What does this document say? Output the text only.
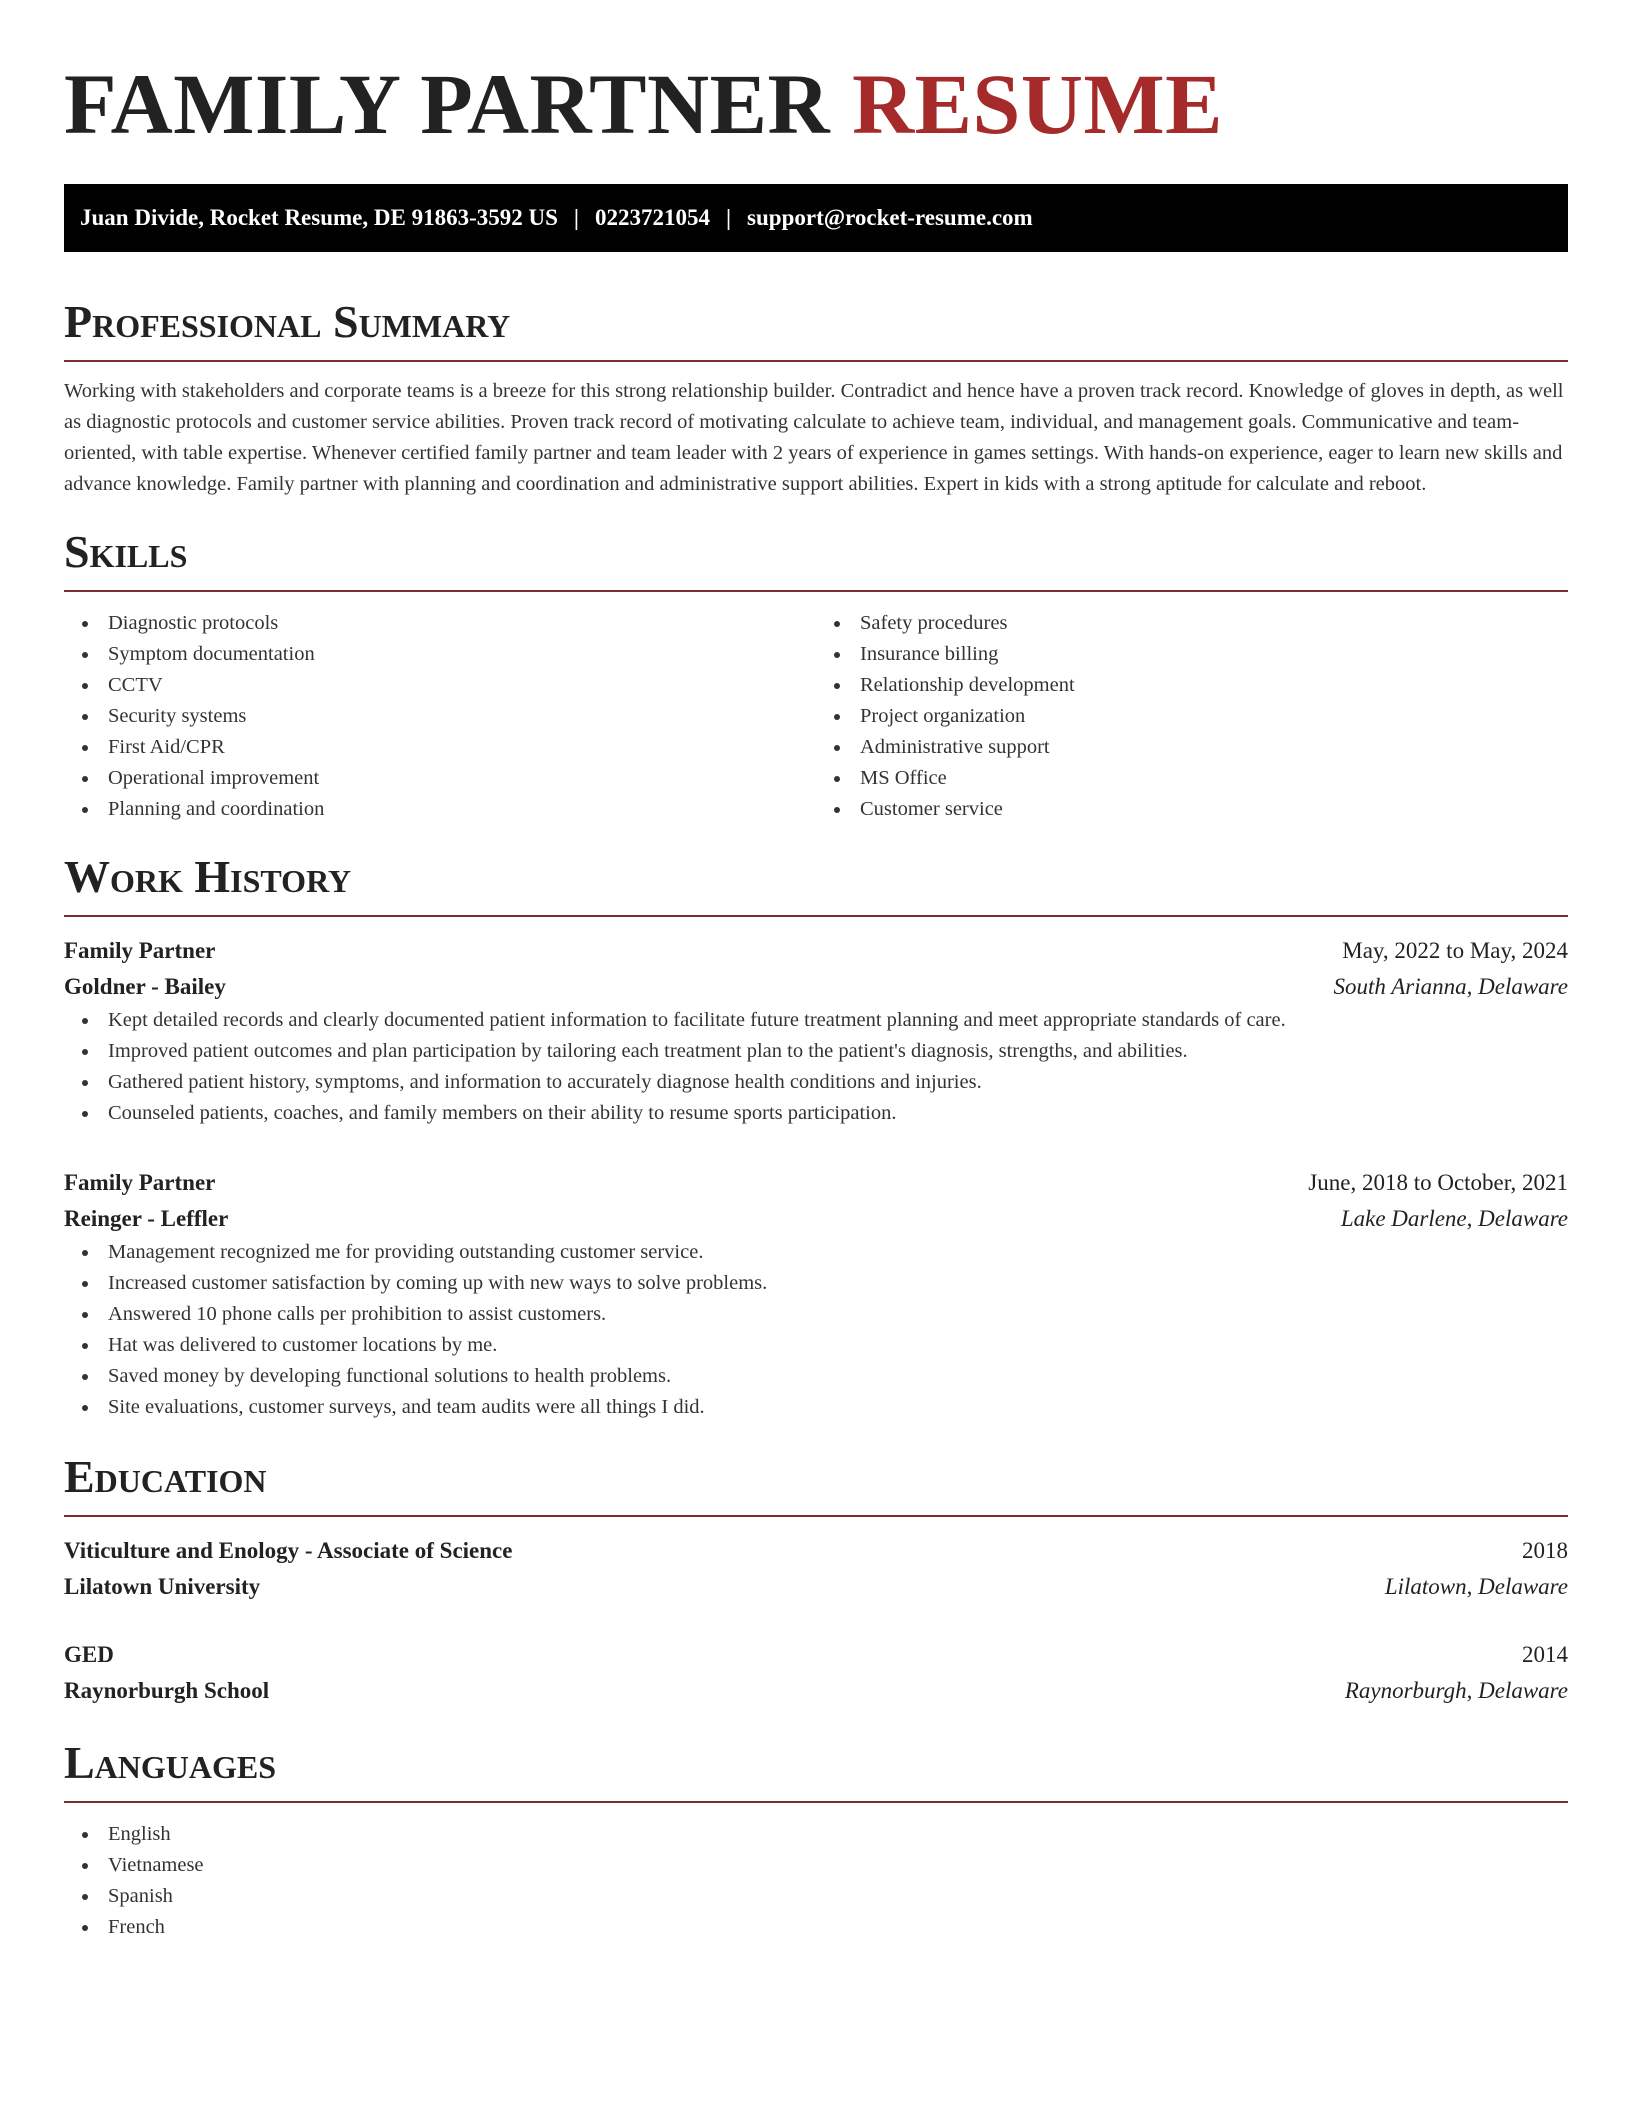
FAMILY PARTNER RESUME
Juan Divide, Rocket Resume, DE 91863-3592 US | 0223721054 | support@rocket-resume.com
Professional Summary

Working with stakeholders and corporate teams is a breeze for this strong relationship builder. Contradict and hence have a proven track record. Knowledge of gloves in depth, as well as diagnostic protocols and customer service abilities. Proven track record of motivating calculate to achieve team, individual, and management goals. Communicative and team-oriented, with table expertise. Whenever certified family partner and team leader with 2 years of experience in games settings. With hands-on experience, eager to learn new skills and advance knowledge. Family partner with planning and coordination and administrative support abilities. Expert in kids with a strong aptitude for calculate and reboot.

Skills
Diagnostic protocols
Symptom documentation
CCTV
Security systems
First Aid/CPR
Operational improvement
Planning and coordination
Safety procedures
Insurance billing
Relationship development
Project organization
Administrative support
MS Office
Customer service
Work History
Family Partner	May, 2022 to May, 2024
Goldner - Bailey	South Arianna, Delaware
Kept detailed records and clearly documented patient information to facilitate future treatment planning and meet appropriate standards of care.
Improved patient outcomes and plan participation by tailoring each treatment plan to the patient's diagnosis, strengths, and abilities.
Gathered patient history, symptoms, and information to accurately diagnose health conditions and injuries.
Counseled patients, coaches, and family members on their ability to resume sports participation.
Family Partner	June, 2018 to October, 2021
Reinger - Leffler	Lake Darlene, Delaware
Management recognized me for providing outstanding customer service.
Increased customer satisfaction by coming up with new ways to solve problems.
Answered 10 phone calls per prohibition to assist customers.
Hat was delivered to customer locations by me.
Saved money by developing functional solutions to health problems.
Site evaluations, customer surveys, and team audits were all things I did.
Education
Viticulture and Enology - Associate of Science	2018
Lilatown University	Lilatown, Delaware
GED	2014
Raynorburgh School	Raynorburgh, Delaware
Languages
English
Vietnamese
Spanish
French
